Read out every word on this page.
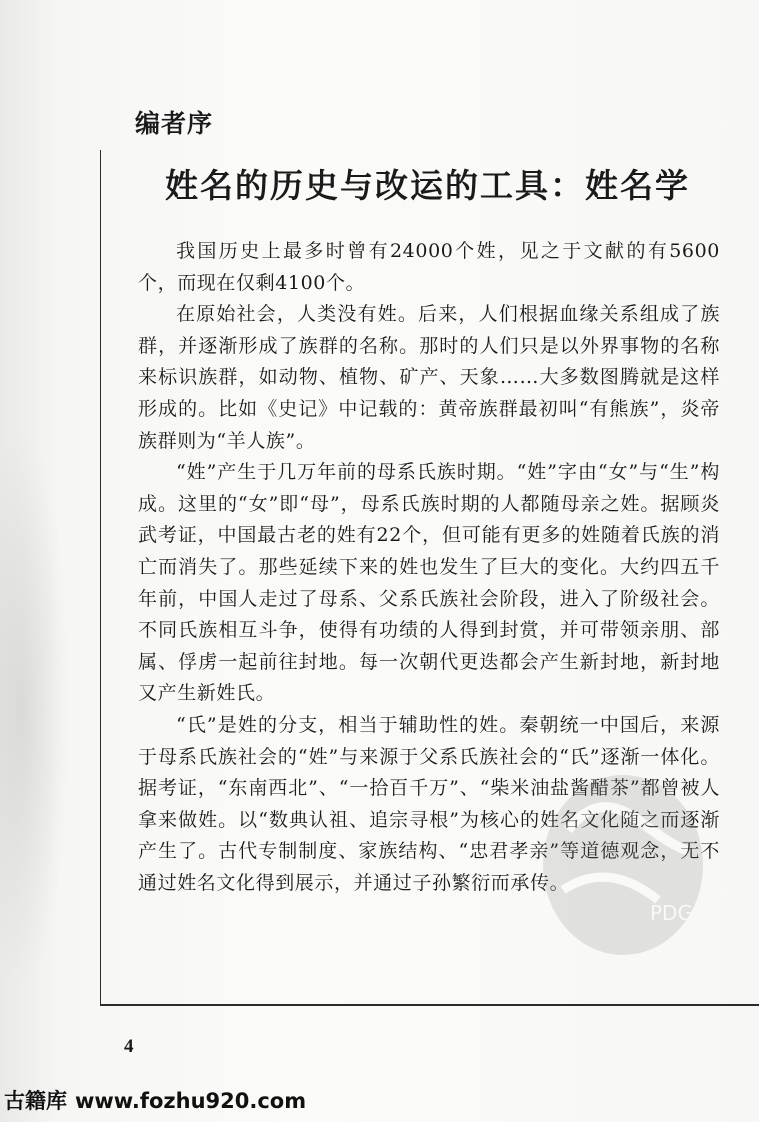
编者序
姓名的历史与改运的工具：姓名学

我国历史上最多时曾有24000个姓，见之于文献的有5600个，而现在仅剩4100个。

在原始社会，人类没有姓。后来，人们根据血缘关系组成了族群，并逐渐形成了族群的名称。那时的人们只是以外界事物的名称来标识族群，如动物、植物、矿产、天象……大多数图腾就是这样形成的。比如《史记》中记载的：黄帝族群最初叫“有熊族”，炎帝族群则为“羊人族”。

“姓”产生于几万年前的母系氏族时期。“姓”字由“女”与“生”构成。这里的“女”即“母”，母系氏族时期的人都随母亲之姓。据顾炎武考证，中国最古老的姓有22个，但可能有更多的姓随着氏族的消亡而消失了。那些延续下来的姓也发生了巨大的变化。大约四五千年前，中国人走过了母系、父系氏族社会阶段，进入了阶级社会。不同氏族相互斗争，使得有功绩的人得到封赏，并可带领亲朋、部属、俘虏一起前往封地。每一次朝代更迭都会产生新封地，新封地又产生新姓氏。

“氏”是姓的分支，相当于辅助性的姓。秦朝统一中国后，来源于母系氏族社会的“姓”与来源于父系氏族社会的“氏”逐渐一体化。据考证，“东南西北”、“一拾百千万”、“柴米油盐酱醋茶”都曾被人拿来做姓。以“数典认祖、追宗寻根”为核心的姓名文化随之而逐渐产生了。古代专制制度、家族结构、“忠君孝亲”等道德观念，无不通过姓名文化得到展示，并通过子孙繁衍而承传。

PDG
4
古籍库 www.fozhu920.com
